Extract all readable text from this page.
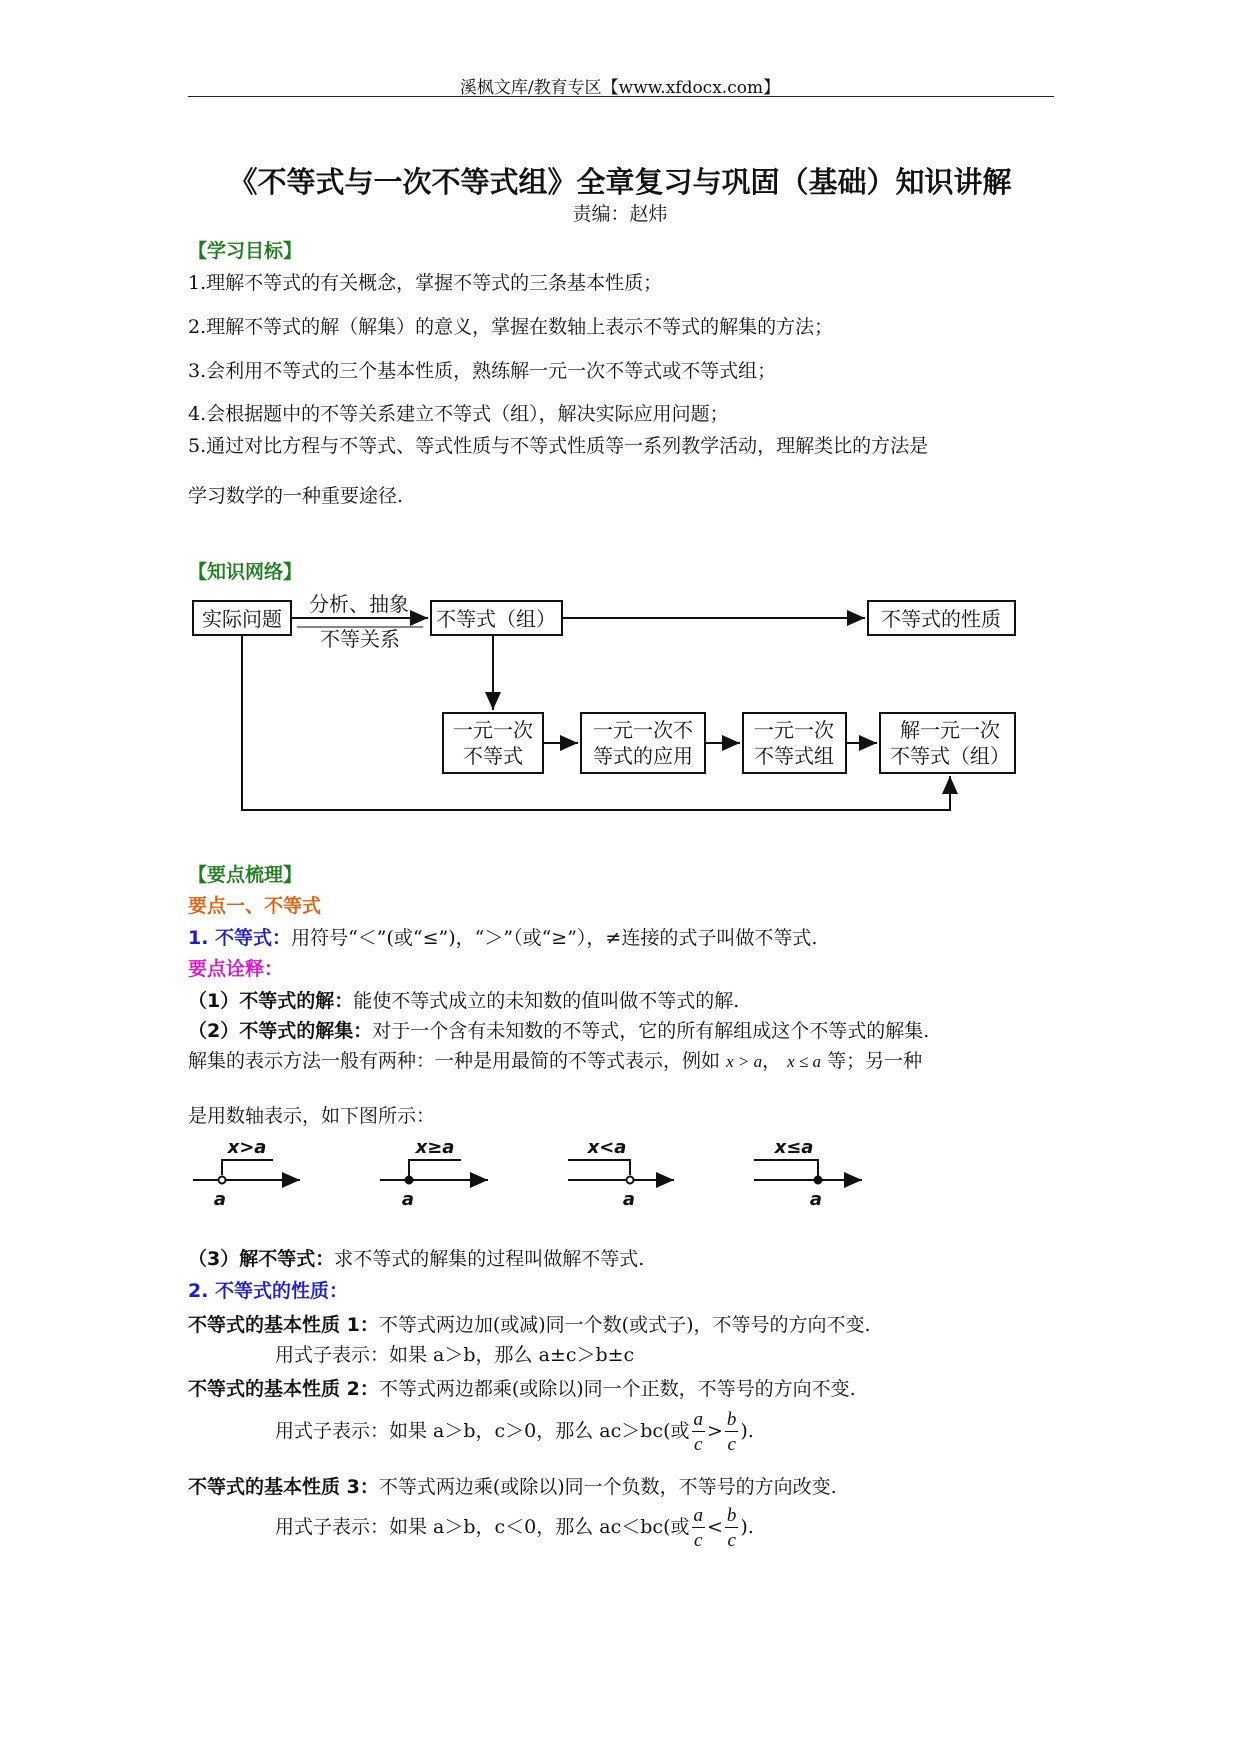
溪枫文库/教育专区【www.xfdocx.com】
《不等式与一次不等式组》全章复习与巩固（基础）知识讲解
责编：赵炜
【学习目标】
1.理解不等式的有关概念，掌握不等式的三条基本性质；
2.理解不等式的解（解集）的意义，掌握在数轴上表示不等式的解集的方法；
3.会利用不等式的三个基本性质，熟练解一元一次不等式或不等式组；
4.会根据题中的不等关系建立不等式（组），解决实际应用问题；
5.通过对比方程与不等式、等式性质与不等式性质等一系列教学活动，理解类比的方法是
学习数学的一种重要途径.
【知识网络】
实际问题
分析、抽象
不等关系
不等式（组）	不等式的性质
一元一次
不等式
一元一次不
等式的应用
一元一次
不等式组
解一元一次
不等式（组）
【要点梳理】
要点一、不等式
1. 不等式：用符号“＜”(或“≤”)，“＞”（或“≥”），≠连接的式子叫做不等式.
要点诠释：
（1）不等式的解：能使不等式成立的未知数的值叫做不等式的解.
（2）不等式的解集：对于一个含有未知数的不等式，它的所有解组成这个不等式的解集.
解集的表示方法一般有两种：一种是用最简的不等式表示，例如 x > a， x ≤ a 等；另一种
是用数轴表示，如下图所示：
x>a
a
x≥a
a
x<a
a
x≤a
a
（3）解不等式：求不等式的解集的过程叫做解不等式.
2. 不等式的性质：
不等式的基本性质 1：不等式两边加(或减)同一个数(或式子)，不等号的方向不变.
用式子表示：如果 a＞b，那么 a±c＞b±c
不等式的基本性质 2：不等式两边都乘(或除以)同一个正数，不等号的方向不变.
用式子表示：如果 a＞b，c＞0，那么 ac＞bc(或 $\frac{a}{c} > \frac{b}{c}$ ).
不等式的基本性质 3：不等式两边乘(或除以)同一个负数，不等号的方向改变.
用式子表示：如果 a＞b，c＜0，那么 ac＜bc(或 $\frac{a}{c} < \frac{b}{c}$ ).
